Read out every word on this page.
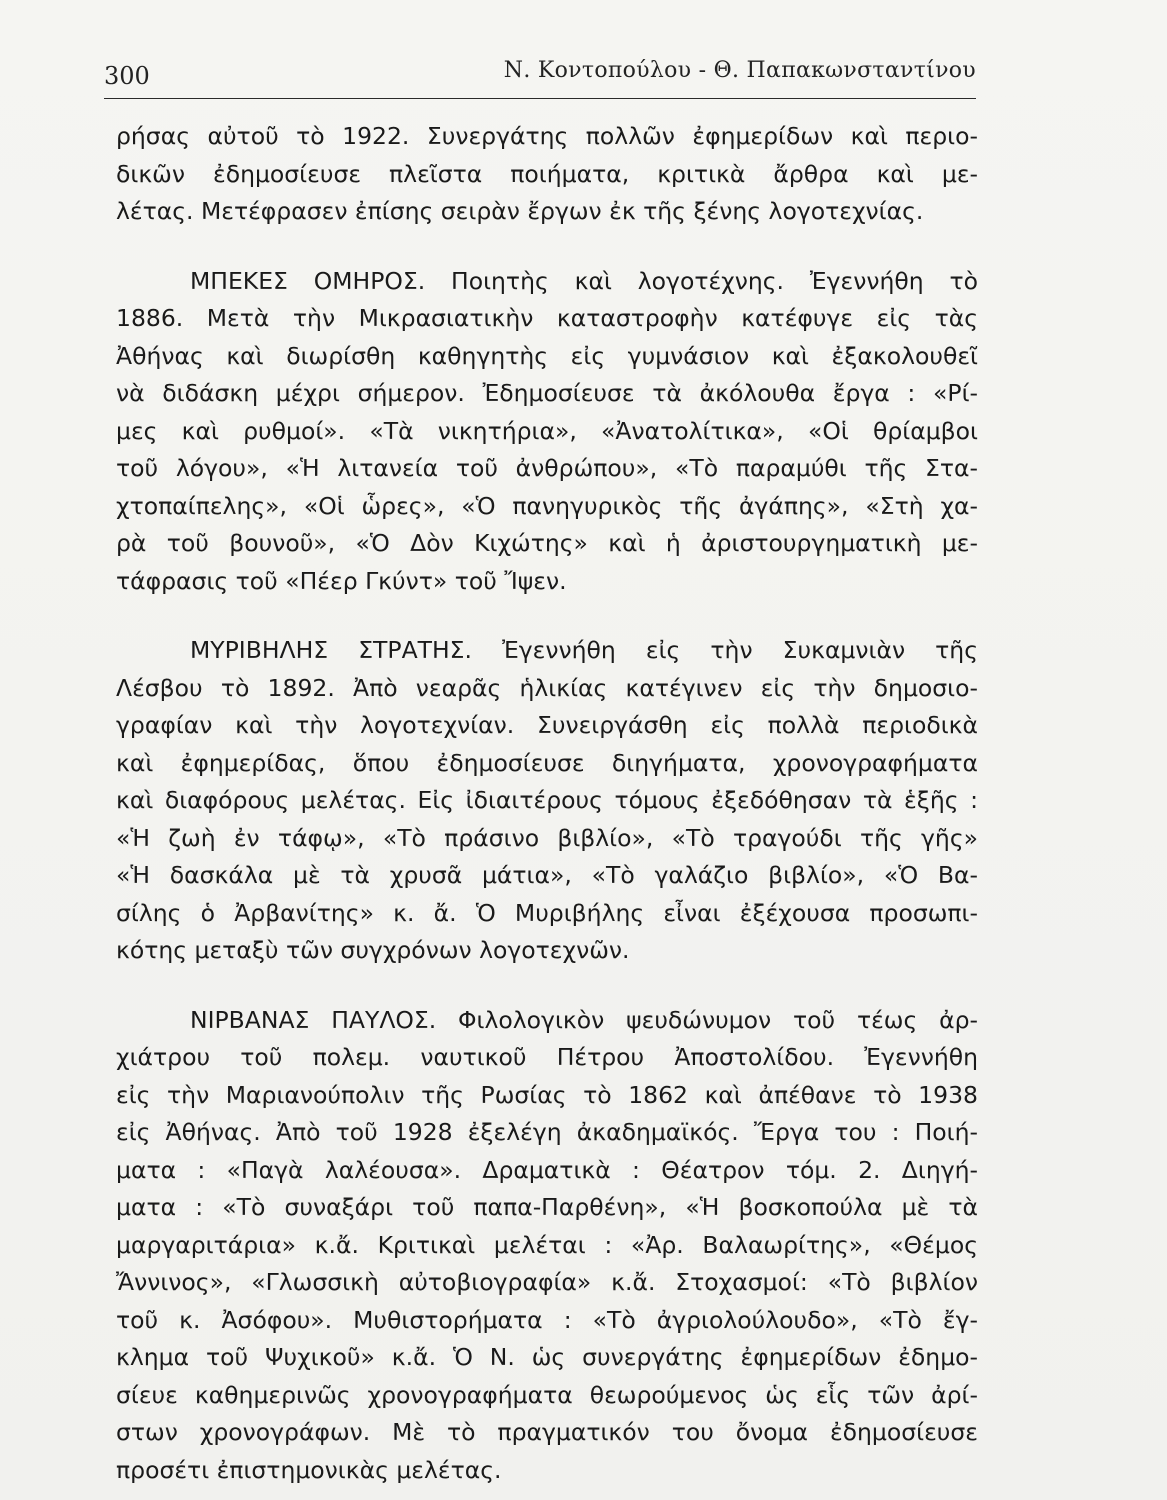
300	Ν. Κοντοπούλου - Θ. Παπακωνσταντίνου
ρήσας αὐτοῦ τὸ 1922. Συνεργάτης πολλῶν ἐφημερίδων καὶ περιο-
δικῶν ἐδημοσίευσε πλεῖστα ποιήματα, κριτικὰ ἄρθρα καὶ με-
λέτας. Μετέφρασεν ἐπίσης σειρὰν ἔργων ἐκ τῆς ξένης λογοτεχνίας.
ΜΠΕΚΕΣ ΟΜΗΡΟΣ. Ποιητὴς καὶ λογοτέχνης. Ἐγεννήθη τὸ
1886. Μετὰ τὴν Μικρασιατικὴν καταστροφὴν κατέφυγε εἰς τὰς
Ἀθήνας καὶ διωρίσθη καθηγητὴς εἰς γυμνάσιον καὶ ἐξακολουθεῖ
νὰ διδάσκη μέχρι σήμερον. Ἐδημοσίευσε τὰ ἀκόλουθα ἔργα : «Ρί-
μες καὶ ρυθμοί». «Τὰ νικητήρια», «Ἀνατολίτικα», «Οἱ θρίαμβοι
τοῦ λόγου», «Ἡ λιτανεία τοῦ ἀνθρώπου», «Τὸ παραμύθι τῆς Στα-
χτοπαίπελης», «Οἱ ὧρες», «Ὁ πανηγυρικὸς τῆς ἀγάπης», «Στὴ χα-
ρὰ τοῦ βουνοῦ», «Ὁ Δὸν Κιχώτης» καὶ ἡ ἀριστουργηματικὴ με-
τάφρασις τοῦ «Πέερ Γκύντ» τοῦ Ἴψεν.
ΜΥΡΙΒΗΛΗΣ ΣΤΡΑΤΗΣ. Ἐγεννήθη εἰς τὴν Συκαμνιὰν τῆς
Λέσβου τὸ 1892. Ἀπὸ νεαρᾶς ἡλικίας κατέγινεν εἰς τὴν δημοσιο-
γραφίαν καὶ τὴν λογοτεχνίαν. Συνειργάσθη εἰς πολλὰ περιοδικὰ
καὶ ἐφημερίδας, ὅπου ἐδημοσίευσε διηγήματα, χρονογραφήματα
καὶ διαφόρους μελέτας. Εἰς ἰδιαιτέρους τόμους ἐξεδόθησαν τὰ ἑξῆς :
«Ἡ ζωὴ ἐν τάφῳ», «Τὸ πράσινο βιβλίο», «Τὸ τραγούδι τῆς γῆς»
«Ἡ δασκάλα μὲ τὰ χρυσᾶ μάτια», «Τὸ γαλάζιο βιβλίο», «Ὁ Βα-
σίλης ὁ Ἀρβανίτης» κ. ἄ. Ὁ Μυριβήλης εἶναι ἐξέχουσα προσωπι-
κότης μεταξὺ τῶν συγχρόνων λογοτεχνῶν.
ΝΙΡΒΑΝΑΣ ΠΑΥΛΟΣ. Φιλολογικὸν ψευδώνυμον τοῦ τέως ἀρ-
χιάτρου τοῦ πολεμ. ναυτικοῦ Πέτρου Ἀποστολίδου. Ἐγεννήθη
εἰς τὴν Μαριανούπολιν τῆς Ρωσίας τὸ 1862 καὶ ἀπέθανε τὸ 1938
εἰς Ἀθήνας. Ἀπὸ τοῦ 1928 ἐξελέγη ἀκαδημαϊκός. Ἔργα του : Ποιή-
ματα : «Παγὰ λαλέουσα». Δραματικὰ : Θέατρον τόμ. 2. Διηγή-
ματα : «Τὸ συναξάρι τοῦ παπα-Παρθένη», «Ἡ βοσκοπούλα μὲ τὰ
μαργαριτάρια» κ.ἄ. Κριτικαὶ μελέται : «Ἀρ. Βαλαωρίτης», «Θέμος
Ἄννινος», «Γλωσσικὴ αὐτοβιογραφία» κ.ἄ. Στοχασμοί: «Τὸ βιβλίον
τοῦ κ. Ἀσόφου». Μυθιστορήματα : «Τὸ ἀγριολούλουδο», «Τὸ ἔγ-
κλημα τοῦ Ψυχικοῦ» κ.ἄ. Ὁ Ν. ὡς συνεργάτης ἐφημερίδων ἐδημο-
σίευε καθημερινῶς χρονογραφήματα θεωρούμενος ὡς εἷς τῶν ἀρί-
στων χρονογράφων. Μὲ τὸ πραγματικόν του ὄνομα ἐδημοσίευσε
προσέτι ἐπιστημονικὰς μελέτας.
